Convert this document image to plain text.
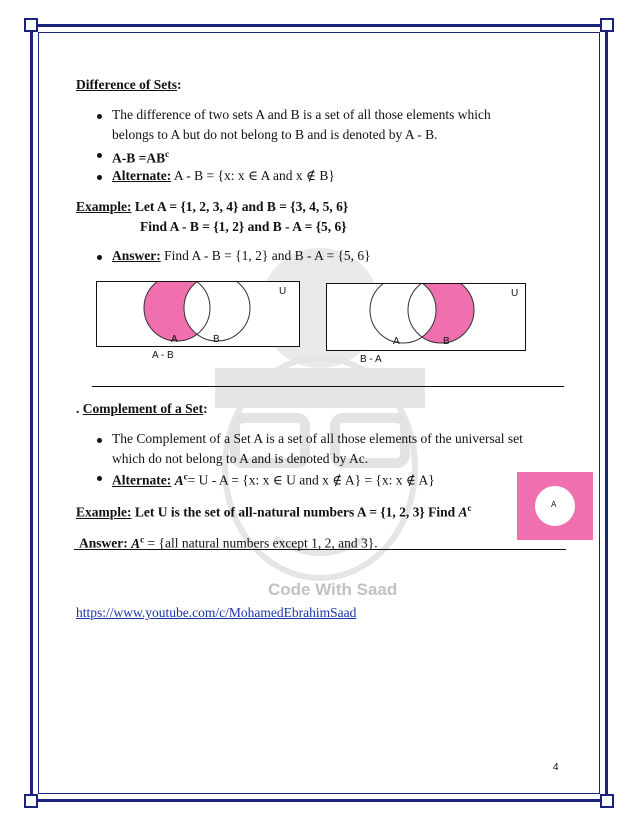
Difference of Sets:
The difference of two sets A and B is a set of all those elements which
belongs to A but do not belong to B and is denoted by A - B.
$A-B =AB^c$
Alternate: A - B = {x: x ∈ A and x ∉ B}
Example: Let A = {1, 2, 3, 4} and B = {3, 4, 5, 6}
Find A - B = {1, 2} and B - A = {5, 6}
Answer: Find A - B = {1, 2} and B - A = {5, 6}
U
A	B
A - B
U
A	B
B - A
. Complement of a Set:
The Complement of a Set A is a set of all those elements of the universal set
which do not belong to A and is denoted by Ac.
Alternate: $A^c= U - A = \{x$: x ∈ U and x ∉ A} = {x: x ∉ A}
Example: Let U is the set of all-natural numbers A = {1, 2, 3} Find $A^c$	A
Answer: $A^c = \{all$ natural numbers except 1, 2, and 3}.
Code With Saad
https://www.youtube.com/c/MohamedEbrahimSaad
4
